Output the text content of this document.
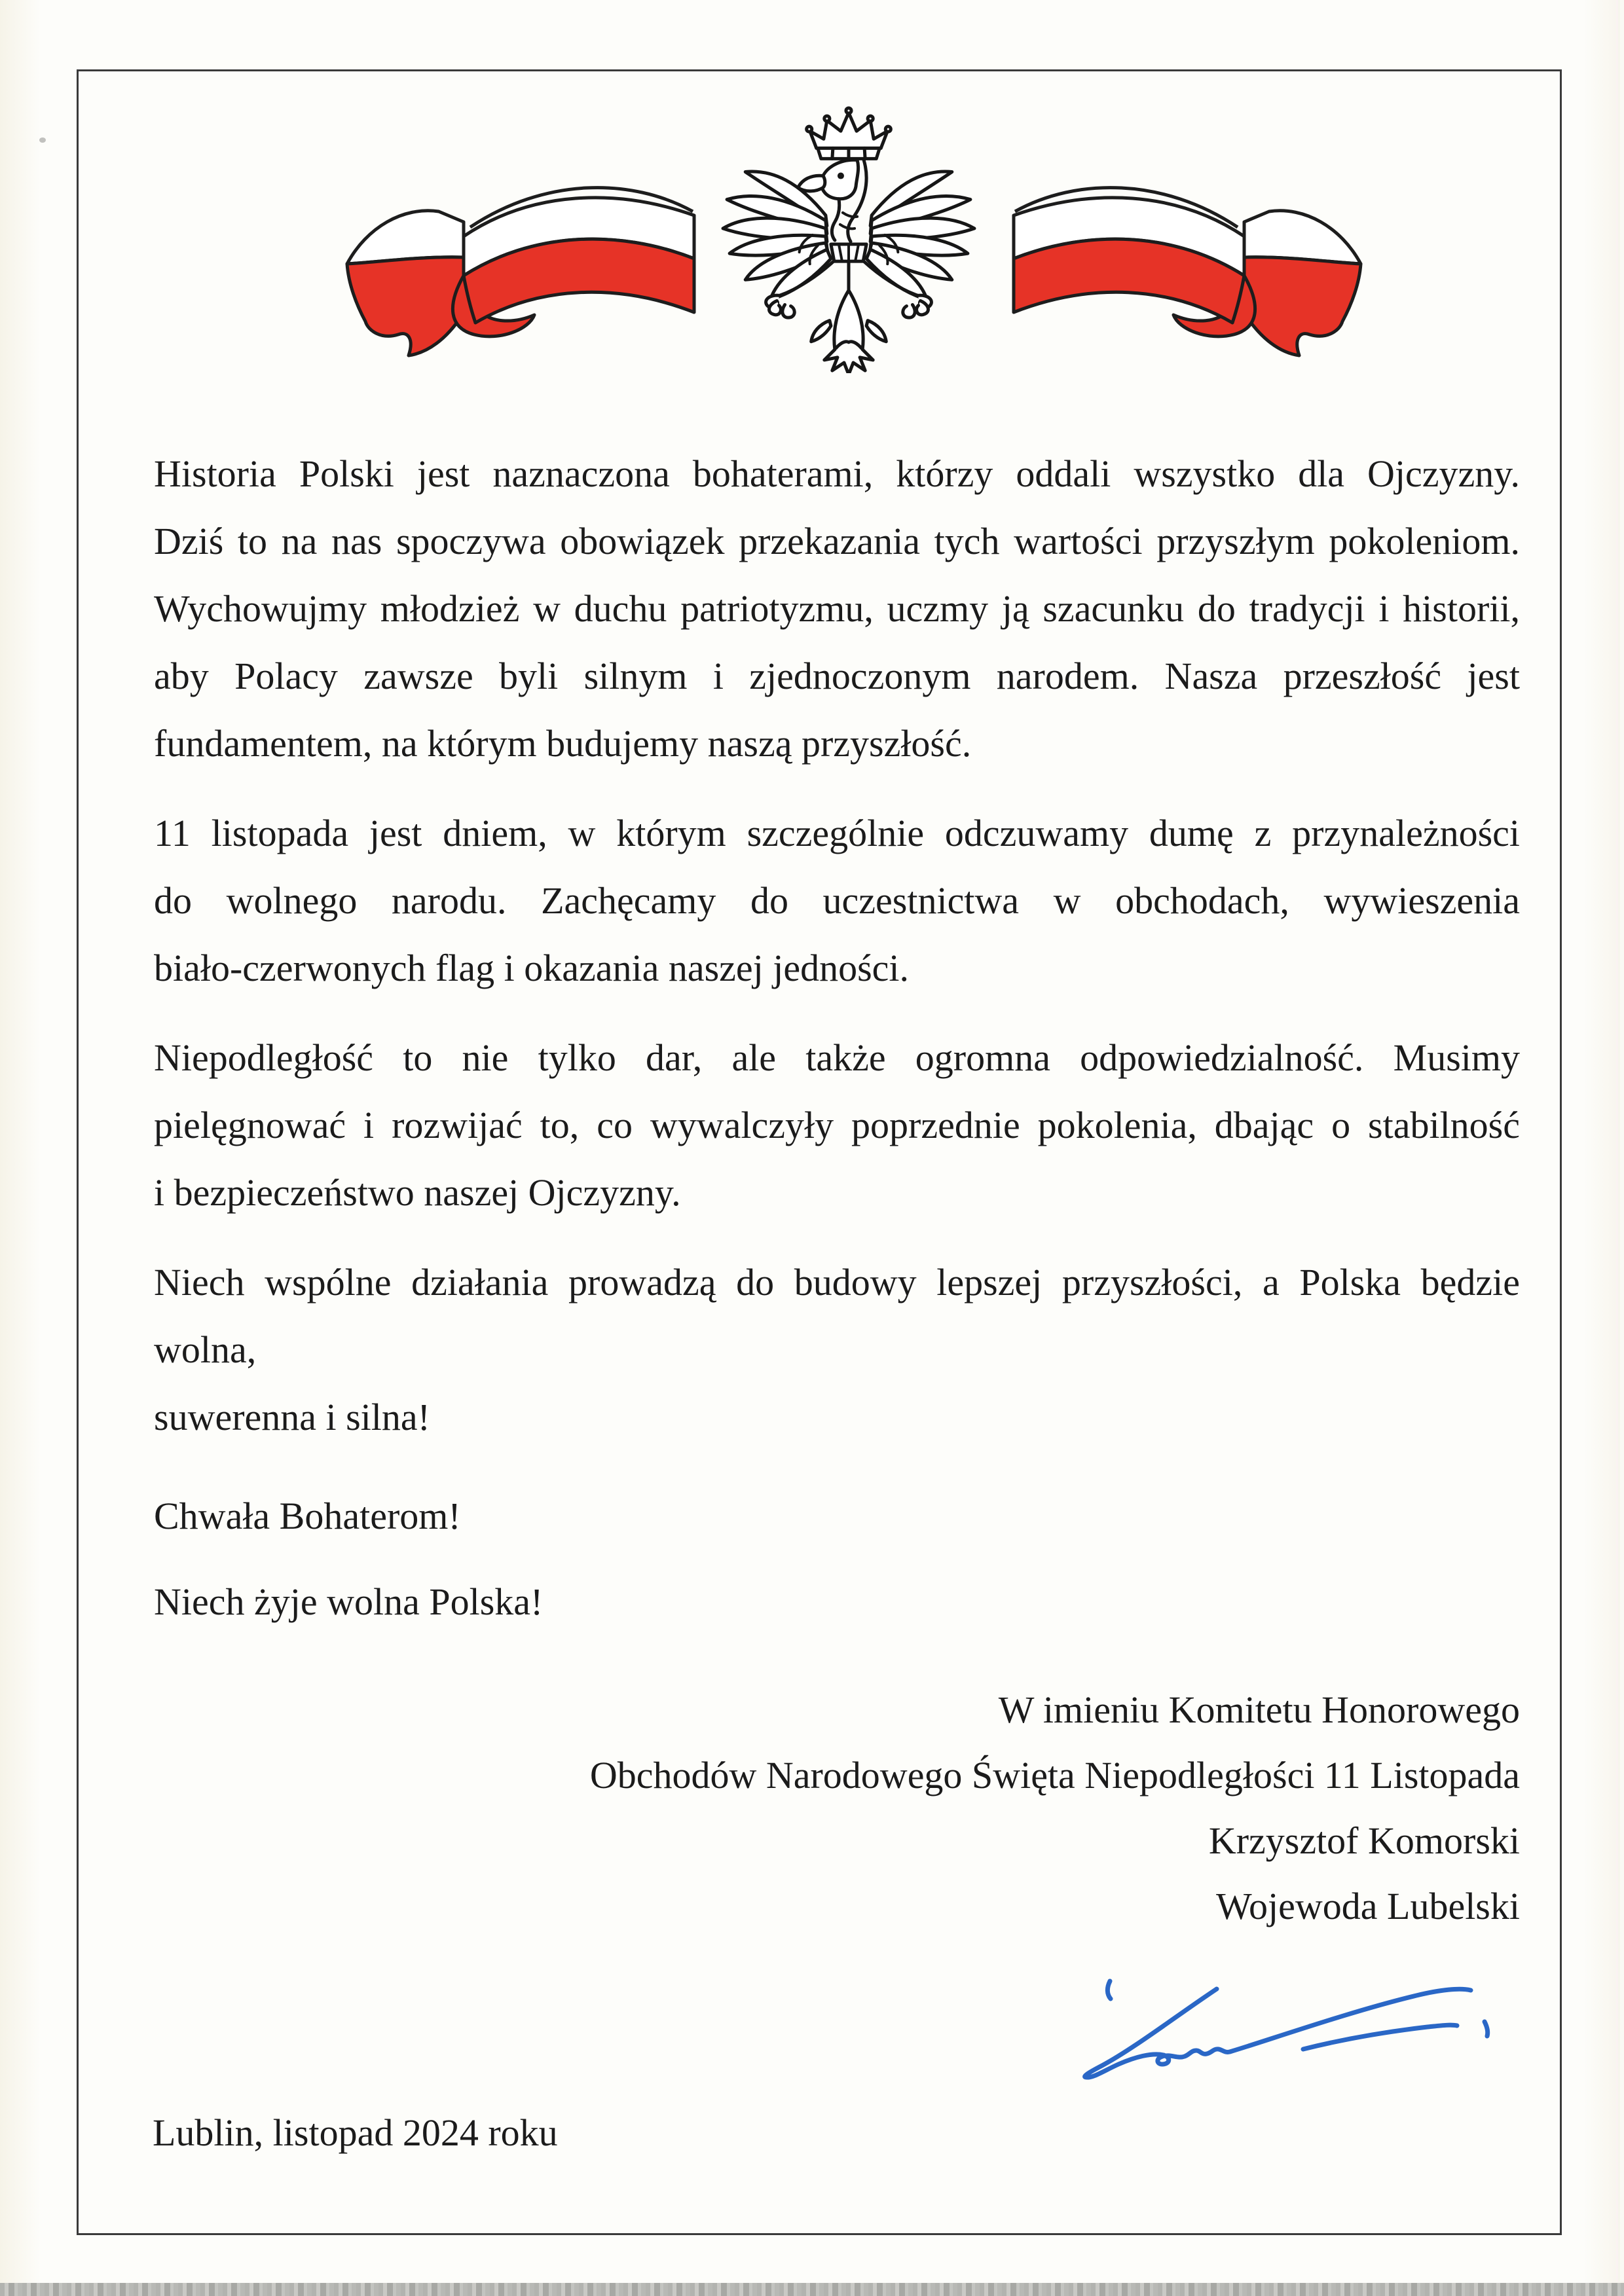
Historia Polski jest naznaczona bohaterami, którzy oddali wszystko dla Ojczyzny.
Dziś to na nas spoczywa obowiązek przekazania tych wartości przyszłym pokoleniom.
Wychowujmy młodzież w duchu patriotyzmu, uczmy ją szacunku do tradycji i historii,
aby Polacy zawsze byli silnym i zjednoczonym narodem. Nasza przeszłość jest
fundamentem, na którym budujemy naszą przyszłość.

11 listopada jest dniem, w którym szczególnie odczuwamy dumę z przynależności
do wolnego narodu. Zachęcamy do uczestnictwa w obchodach, wywieszenia
biało-czerwonych flag i okazania naszej jedności.

Niepodległość to nie tylko dar, ale także ogromna odpowiedzialność. Musimy
pielęgnować i rozwijać to, co wywalczyły poprzednie pokolenia, dbając o stabilność
i bezpieczeństwo naszej Ojczyzny.

Niech wspólne działania prowadzą do budowy lepszej przyszłości, a Polska będzie wolna,
suwerenna i silna!

Chwała Bohaterom!

Niech żyje wolna Polska!

W imieniu Komitetu Honorowego
Obchodów Narodowego Święta Niepodległości 11 Listopada
Krzysztof Komorski
Wojewoda Lubelski
Lublin, listopad 2024 roku
